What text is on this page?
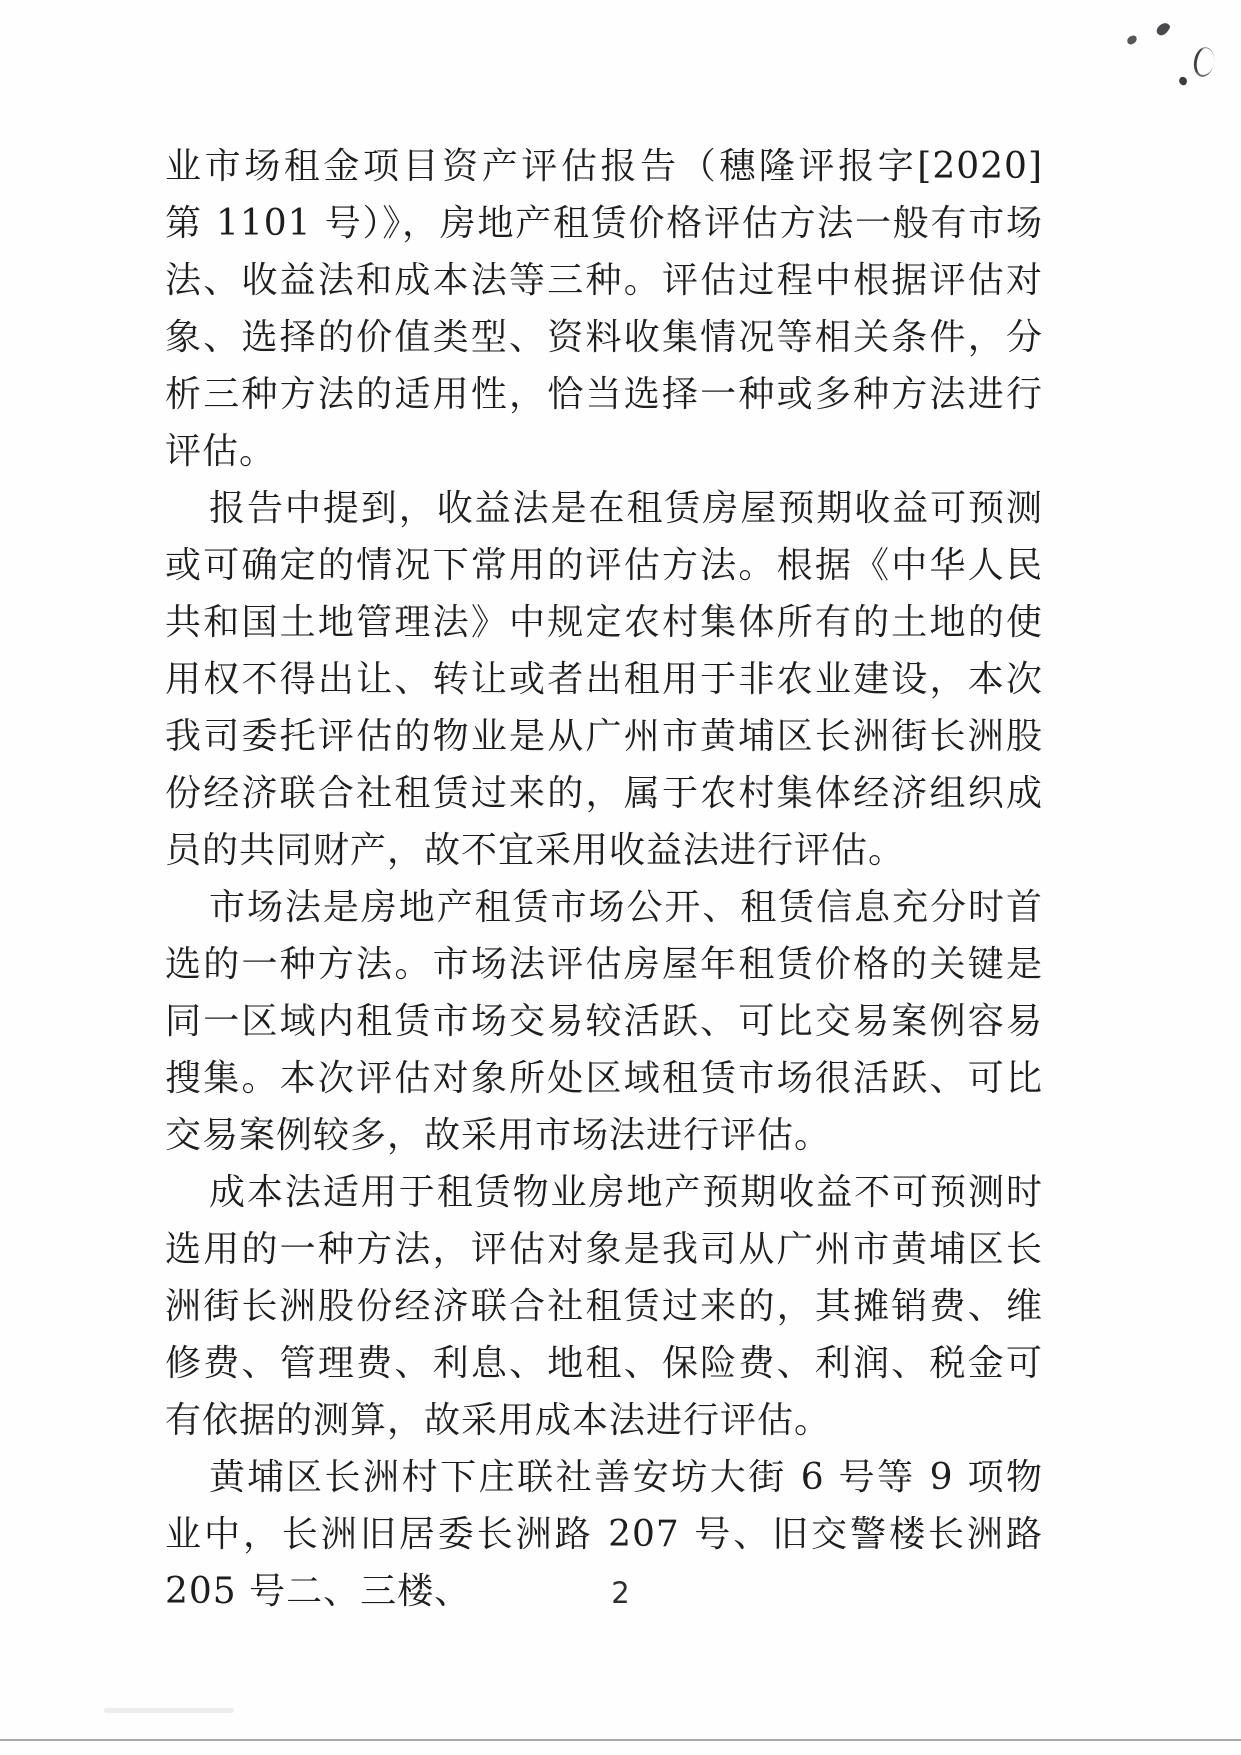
业市场租金项目资产评估报告（穗隆评报字[2020] 第 1101 号）》，房地产租赁价格评估方法一般有市场法、收益法和成本法等三种。评估过程中根据评估对象、选择的价值类型、资料收集情况等相关条件，分析三种方法的适用性，恰当选择一种或多种方法进行评估。

报告中提到，收益法是在租赁房屋预期收益可预测或可确定的情况下常用的评估方法。根据《中华人民共和国土地管理法》中规定农村集体所有的土地的使用权不得出让、转让或者出租用于非农业建设，本次我司委托评估的物业是从广州市黄埔区长洲街长洲股份经济联合社租赁过来的，属于农村集体经济组织成员的共同财产，故不宜采用收益法进行评估。

市场法是房地产租赁市场公开、租赁信息充分时首选的一种方法。市场法评估房屋年租赁价格的关键是同一区域内租赁市场交易较活跃、可比交易案例容易搜集。本次评估对象所处区域租赁市场很活跃、可比交易案例较多，故采用市场法进行评估。

成本法适用于租赁物业房地产预期收益不可预测时选用的一种方法，评估对象是我司从广州市黄埔区长洲街长洲股份经济联合社租赁过来的，其摊销费、维修费、管理费、利息、地租、保险费、利润、税金可有依据的测算，故采用成本法进行评估。

黄埔区长洲村下庄联社善安坊大街 6 号等 9 项物业中，长洲旧居委长洲路 207 号、旧交警楼长洲路 205 号二、三楼、	2
